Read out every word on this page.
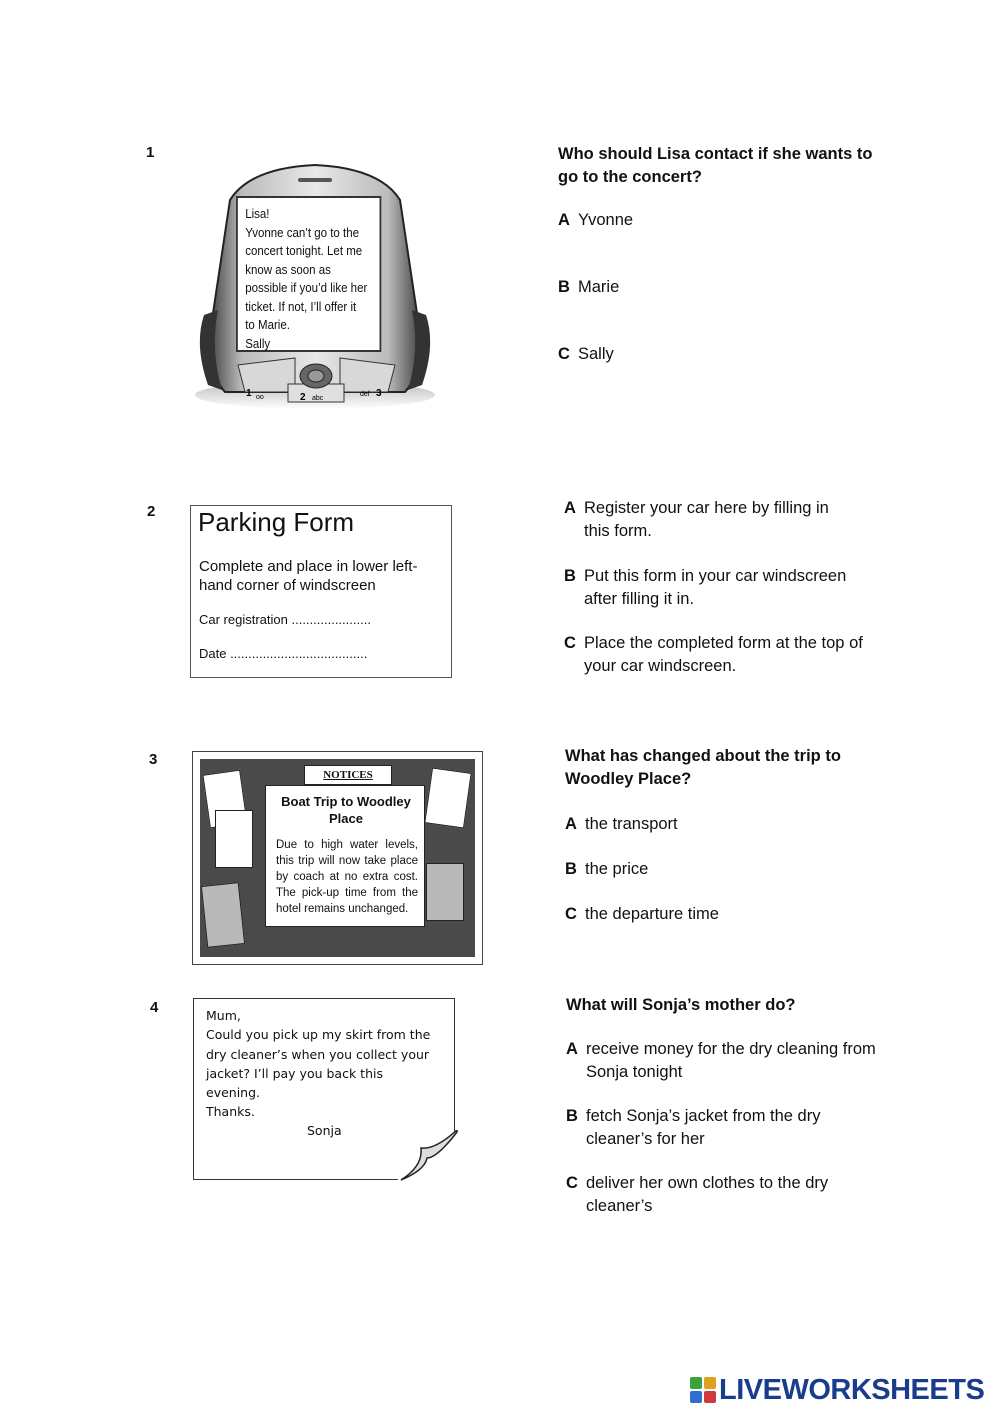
1
1 oo	2 abc
def 3
Lisa!
Yvonne can’t go to the
concert tonight. Let me
know as soon as
possible if you’d like her
ticket. If not, I’ll offer it
to Marie.
Sally
Who should Lisa contact if she wants to
go to the concert?
A Yvonne
B Marie
C Sally
2 Parking Form
Complete and place in lower left-
hand corner of windscreen
Car registration ......................
Date ......................................
A Register your car here by filling in
this form.
B Put this form in your car windscreen
after filling it in.
C Place the completed form at the top of
your car windscreen.
3
NOTICES
Boat Trip to Woodley
Place
Due to high water levels, this trip will now take place by coach at no extra cost. The pick-up time from the hotel remains unchanged.
What has changed about the trip to
Woodley Place?
A the transport
B the price
C the departure time
4	Mum,
Could you pick up my skirt from the
dry cleaner’s when you collect your
jacket? I’ll pay you back this
evening.
Thanks.
Sonja
What will Sonja’s mother do?
A receive money for the dry cleaning from
Sonja tonight
B fetch Sonja’s jacket from the dry
cleaner’s for her
C deliver her own clothes to the dry
cleaner’s
LIVEWORKSHEETS
